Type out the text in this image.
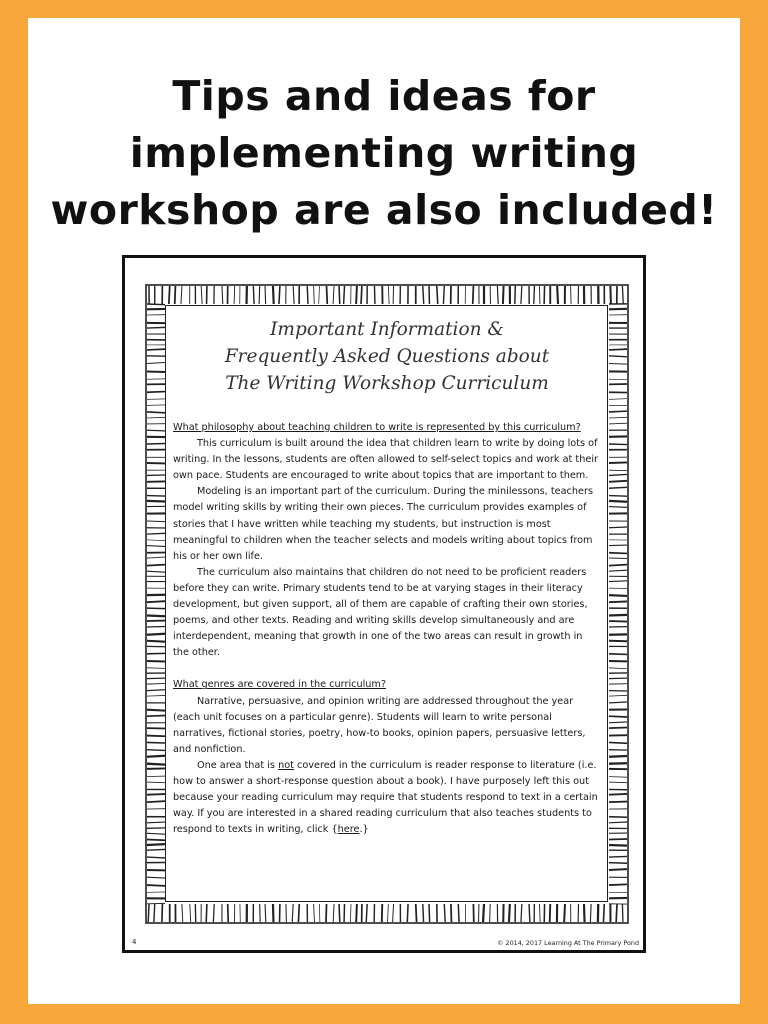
Tips and ideas for
implementing writing
workshop are also included!
Important Information &
Frequently Asked Questions about
The Writing Workshop Curriculum

What philosophy about teaching children to write is represented by this curriculum?

This curriculum is built around the idea that children learn to write by doing lots of writing. In the lessons, students are often allowed to self-select topics and work at their own pace. Students are encouraged to write about topics that are important to them.

Modeling is an important part of the curriculum. During the minilessons, teachers model writing skills by writing their own pieces. The curriculum provides examples of stories that I have written while teaching my students, but instruction is most meaningful to children when the teacher selects and models writing about topics from his or her own life.

The curriculum also maintains that children do not need to be proficient readers before they can write. Primary students tend to be at varying stages in their literacy development, but given support, all of them are capable of crafting their own stories, poems, and other texts. Reading and writing skills develop simultaneously and are interdependent, meaning that growth in one of the two areas can result in growth in the other.

What genres are covered in the curriculum?

Narrative, persuasive, and opinion writing are addressed throughout the year (each unit focuses on a particular genre). Students will learn to write personal narratives, fictional stories, poetry, how-to books, opinion papers, persuasive letters, and nonfiction.

One area that is not covered in the curriculum is reader response to literature (i.e. how to answer a short-response question about a book). I have purposely left this out because your reading curriculum may require that students respond to text in a certain way. If you are interested in a shared reading curriculum that also teaches students to respond to texts in writing, click {here.}

4	© 2014, 2017 Learning At The Primary Pond
